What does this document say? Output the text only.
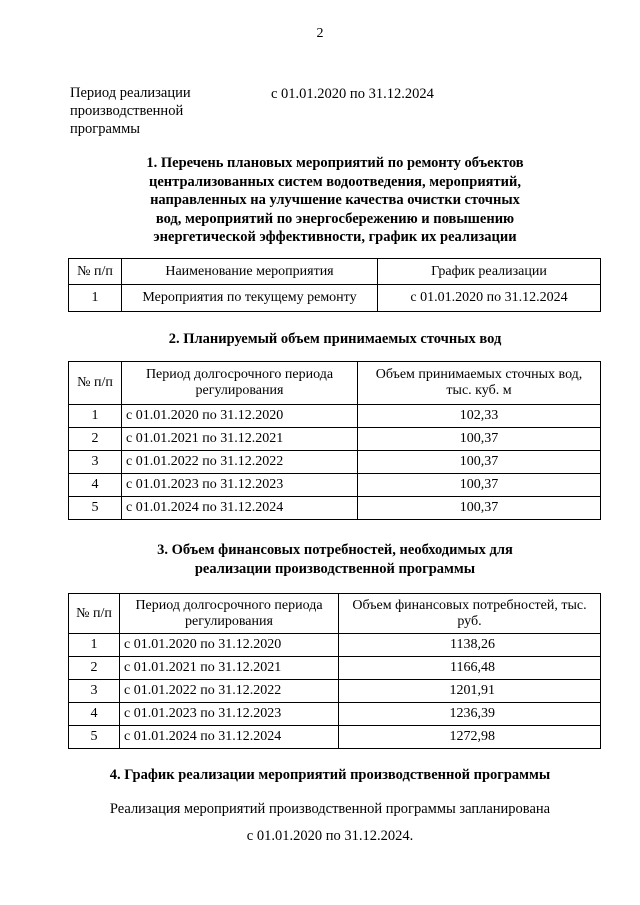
2
Период реализации
производственной
программы
с 01.01.2020 по 31.12.2024
1. Перечень плановых мероприятий по ремонту объектов
централизованных систем водоотведения, мероприятий,
направленных на улучшение качества очистки сточных
вод, мероприятий по энергосбережению и повышению
энергетической эффективности, график их реализации
№ п/п	Наименование мероприятия	График реализации
1	Мероприятия по текущему ремонту	с 01.01.2020 по 31.12.2024
2. Планируемый объем принимаемых сточных вод
№ п/п	Период долгосрочного периода регулирования	Объем принимаемых сточных вод, тыс. куб. м
1	с 01.01.2020 по 31.12.2020	102,33
2	с 01.01.2021 по 31.12.2021	100,37
3	с 01.01.2022 по 31.12.2022	100,37
4	с 01.01.2023 по 31.12.2023	100,37
5	с 01.01.2024 по 31.12.2024	100,37
3. Объем финансовых потребностей, необходимых для
реализации производственной программы
№ п/п	Период долгосрочного периода регулирования	Объем финансовых потребностей, тыс. руб.
1	с 01.01.2020 по 31.12.2020	1138,26
2	с 01.01.2021 по 31.12.2021	1166,48
3	с 01.01.2022 по 31.12.2022	1201,91
4	с 01.01.2023 по 31.12.2023	1236,39
5	с 01.01.2024 по 31.12.2024	1272,98
4. График реализации мероприятий производственной программы
Реализация мероприятий производственной программы запланирована
с 01.01.2020 по 31.12.2024.
